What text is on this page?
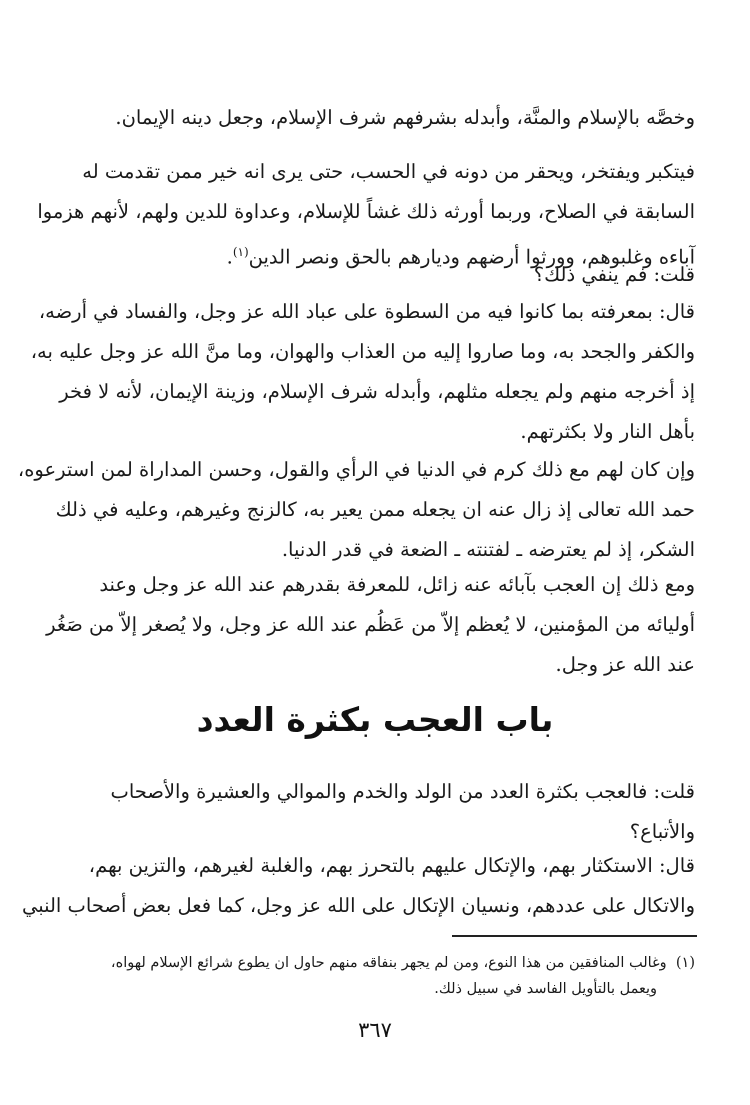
وخصَّه بالإسلام والمنَّة، وأبدله بشرفهم شرف الإسلام، وجعل دينه الإيمان.

فيتكبر ويفتخر، ويحقر من دونه في الحسب، حتى يرى انه خير ممن تقدمت له
السابقة في الصلاح، وربما أورثه ذلك غشاً للإسلام، وعداوة للدين ولهم، لأنهم هزموا
آباءه وغلبوهم، وورثوا أرضهم وديارهم بالحق ونصر الدين$^{(١)}$.

قلت: فم ينفي ذلك؟

قال: بمعرفته بما كانوا فيه من السطوة على عباد الله عز وجل، والفساد في أرضه،
والكفر والجحد به، وما صاروا إليه من العذاب والهوان، وما منَّ الله عز وجل عليه به،
إذ أخرجه منهم ولم يجعله مثلهم، وأبدله شرف الإسلام، وزينة الإيمان، لأنه لا فخر
بأهل النار ولا بكثرتهم.

وإن كان لهم مع ذلك كرم في الدنيا في الرأي والقول، وحسن المداراة لمن استرعوه،
حمد الله تعالى إذ زال عنه ان يجعله ممن يعير به، كالزنج وغيرهم، وعليه في ذلك
الشكر، إذ لم يعترضه ـ لفتنته ـ الضعة في قدر الدنيا.

ومع ذلك إن العجب بآبائه عنه زائل، للمعرفة بقدرهم عند الله عز وجل وعند
أوليائه من المؤمنين، لا يُعظم إلاّ من عَظُم عند الله عز وجل، ولا يُصغر إلاّ من صَغُر
عند الله عز وجل.

باب العجب بكثرة العدد

قلت: فالعجب بكثرة العدد من الولد والخدم والموالي والعشيرة والأصحاب
والأتباع؟

قال: الاستكثار بهم، والإتكال عليهم بالتحرز بهم، والغلبة لغيرهم، والتزين بهم،
والاتكال على عددهم، ونسيان الإتكال على الله عز وجل، كما فعل بعض أصحاب النبي

(١)  وغالب المنافقين من هذا النوع، ومن لم يجهر بنفاقه منهم حاول ان يطوع شرائع الإسلام لهواه،
ويعمل بالتأويل الفاسد في سبيل ذلك.
٣٦٧
